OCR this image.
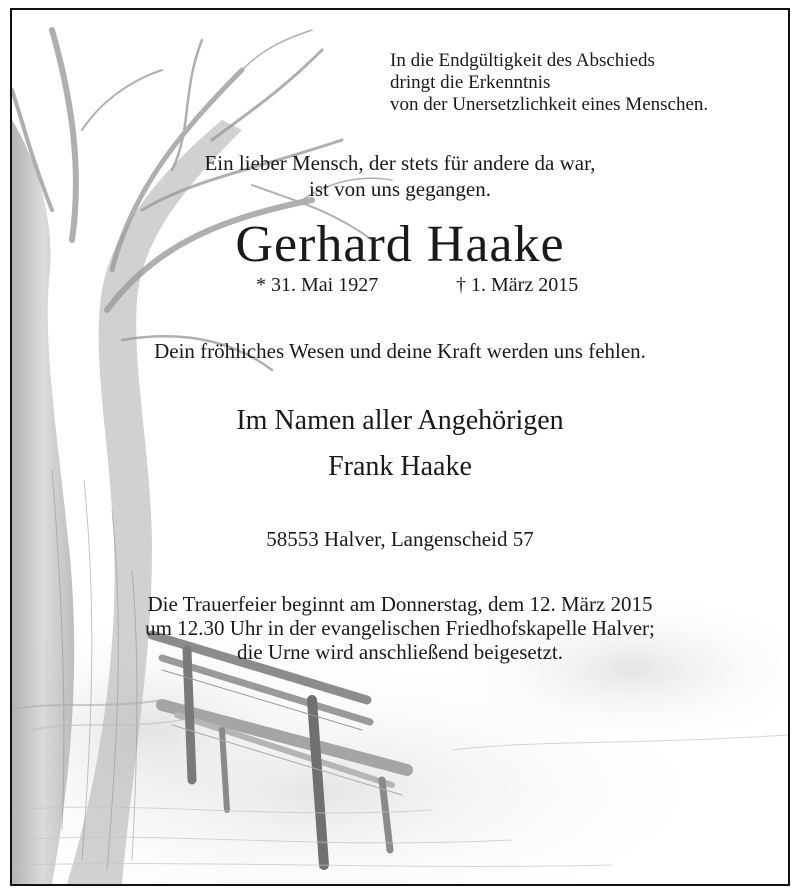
In die Endgültigkeit des Abschieds
dringt die Erkenntnis
von der Unersetzlichkeit eines Menschen.
Ein lieber Mensch, der stets für andere da war,
ist von uns gegangen.
Gerhard Haake
* 31. Mai 1927	† 1. März 2015
Dein fröhliches Wesen und deine Kraft werden uns fehlen.
Im Namen aller Angehörigen
Frank Haake
58553 Halver, Langenscheid 57
Die Trauerfeier beginnt am Donnerstag, dem 12. März 2015
um 12.30 Uhr in der evangelischen Friedhofskapelle Halver;
die Urne wird anschließend beigesetzt.
